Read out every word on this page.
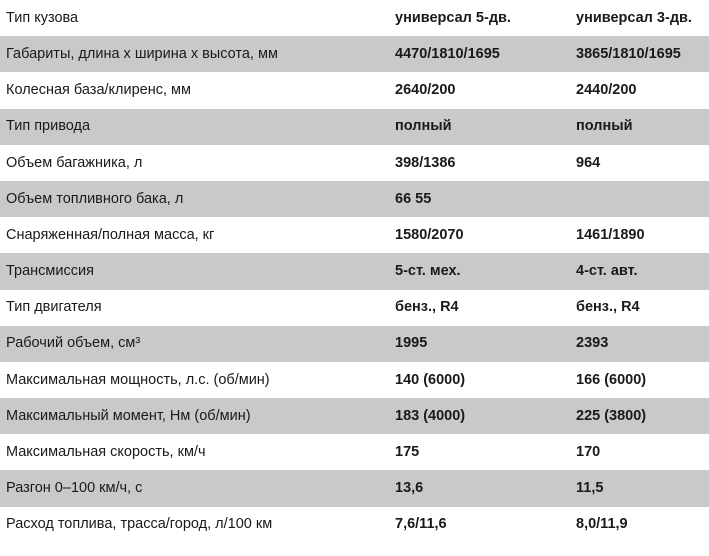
Тип кузова	универсал 5-дв.	универсал 3-дв.
Габариты, длина х ширина х высота, мм	4470/1810/1695	3865/1810/1695
Колесная база/клиренс, мм	2640/200	2440/200
Тип привода	полный	полный
Объем багажника, л	398/1386	964
Объем топливного бака, л	66 55	
Снаряженная/полная масса, кг	1580/2070	1461/1890
Трансмиссия	5-ст. мех.	4-ст. авт.
Тип двигателя	бенз., R4	бенз., R4
Рабочий объем, см³	1995	2393
Максимальная мощность, л.с. (об/мин)	140 (6000)	166 (6000)
Максимальный момент, Нм (об/мин)	183 (4000)	225 (3800)
Максимальная скорость, км/ч	175	170
Разгон 0–100 км/ч, с	13,6	11,5
Расход топлива, трасса/город, л/100 км	7,6/11,6	8,0/11,9
